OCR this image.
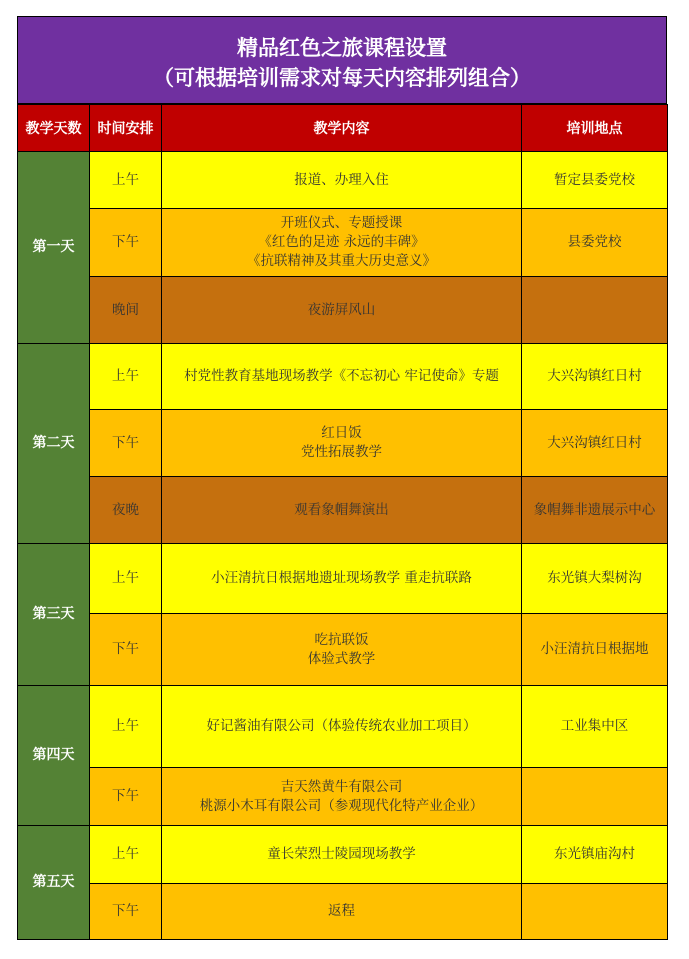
精品红色之旅课程设置
（可根据培训需求对每天内容排列组合）
教学天数	时间安排	教学内容	培训地点
第一天	上午	报道、办理入住	暂定县委党校
	下午	开班仪式、专题授课
《红色的足迹 永远的丰碑》
《抗联精神及其重大历史意义》	县委党校
	晚间	夜游屏风山	

第二天	上午	村党性教育基地现场教学《不忘初心 牢记使命》专题	大兴沟镇红日村
	下午	红日饭
党性拓展教学	大兴沟镇红日村
	夜晚	观看象帽舞演出	象帽舞非遗展示中心
第三天	上午	小汪清抗日根据地遗址现场教学 重走抗联路	东光镇大梨树沟
	下午	吃抗联饭
体验式教学	小汪清抗日根据地
第四天	上午	好记酱油有限公司（体验传统农业加工项目）	工业集中区
	下午	吉天然黄牛有限公司
桃源小木耳有限公司（参观现代化特产业企业）	

第五天	上午	童长荣烈士陵园现场教学	东光镇庙沟村
	下午	返程	
